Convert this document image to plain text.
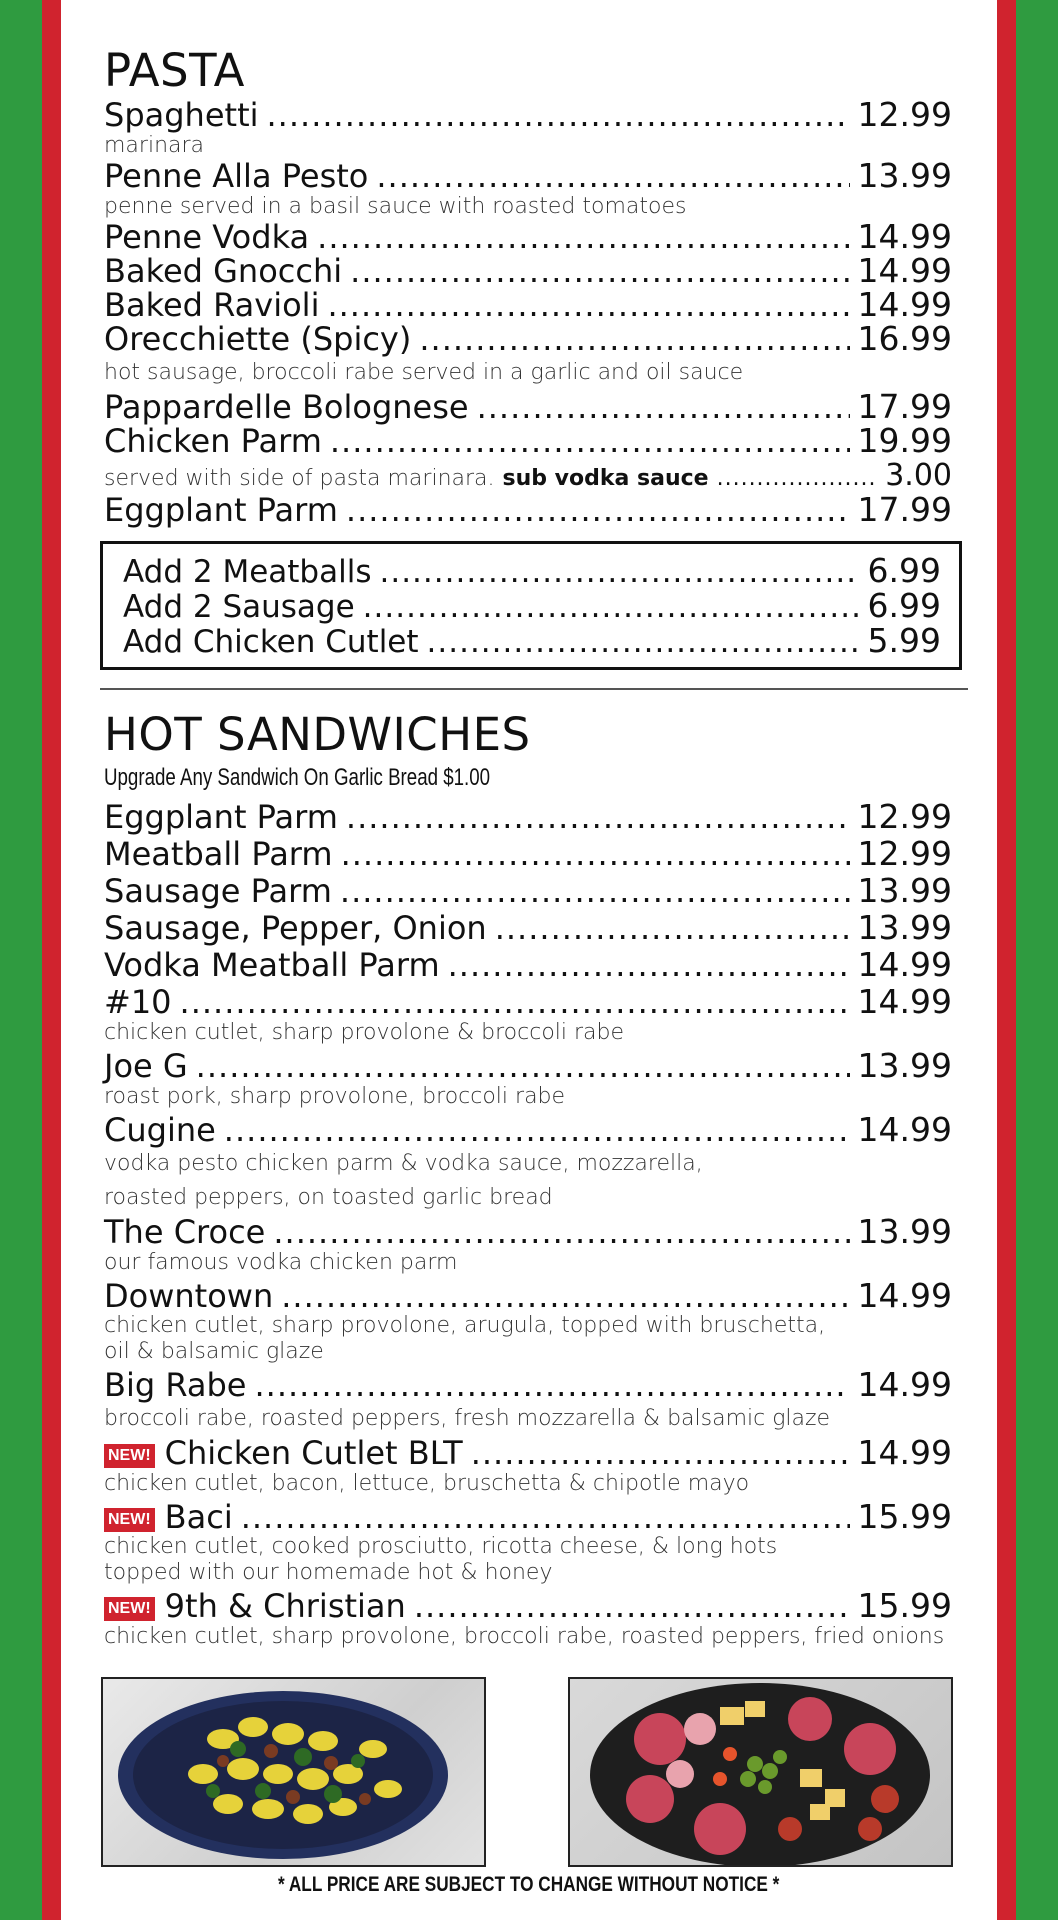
PASTA
Spaghetti .....	12.99
marinara
Penne Alla Pesto .....	13.99
penne served in a basil sauce with roasted tomatoes
Penne Vodka .....	14.99
Baked Gnocchi .....	14.99
Baked Ravioli .....	14.99
Orecchiette (Spicy) .....	16.99
hot sausage, broccoli rabe served in a garlic and oil sauce
Pappardelle Bolognese .....	17.99
Chicken Parm .....	19.99
served with side of pasta marinara. sub vodka sauce .....	3.00
Eggplant Parm .....	17.99
Add 2 Meatballs .....	6.99
Add 2 Sausage .....	6.99
Add Chicken Cutlet .....	5.99
HOT SANDWICHES
Upgrade Any Sandwich On Garlic Bread $1.00
Eggplant Parm .....	12.99
Meatball Parm .....	12.99
Sausage Parm .....	13.99
Sausage, Pepper, Onion .....	13.99
Vodka Meatball Parm .....	14.99
#10 .....	14.99
chicken cutlet, sharp provolone & broccoli rabe
Joe G .....	13.99
roast pork, sharp provolone, broccoli rabe
Cugine .....	14.99
vodka pesto chicken parm & vodka sauce, mozzarella,
roasted peppers, on toasted garlic bread
The Croce .....	13.99
our famous vodka chicken parm
Downtown .....	14.99
chicken cutlet, sharp provolone, arugula, topped with bruschetta,
oil & balsamic glaze
Big Rabe .....	14.99
broccoli rabe, roasted peppers, fresh mozzarella & balsamic glaze
NEW! Chicken Cutlet BLT .....	14.99
chicken cutlet, bacon, lettuce, bruschetta & chipotle mayo
NEW! Baci .....	15.99
chicken cutlet, cooked prosciutto, ricotta cheese, & long hots
topped with our homemade hot & honey
NEW! 9th & Christian .....	15.99
chicken cutlet, sharp provolone, broccoli rabe, roasted peppers, fried onions
* ALL PRICE ARE SUBJECT TO CHANGE WITHOUT NOTICE *
